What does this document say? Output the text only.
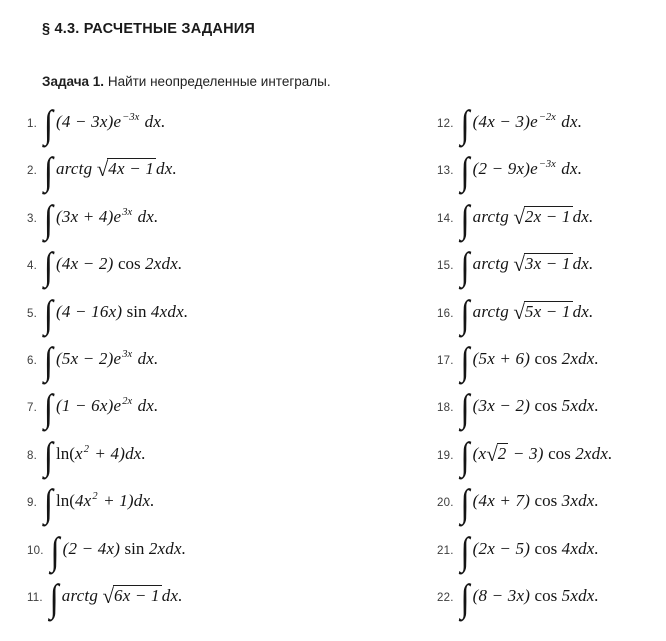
§ 4.3. РАСЧЕТНЫЕ ЗАДАНИЯ

Задача 1. Найти неопределенные интегралы.

1. ∫ $(4 - 3x)e^{-3x}$ dx.
2. ∫ arctg √4x − 1 dx.
3. ∫ $(3x + 4)e^{3x}$ dx.
4. ∫ (4x − 2) cos 2xdx.
5. ∫ (4 − 16x) sin 4xdx.
6. ∫ $(5x - 2)e^{3x}$ dx.
7. ∫ $(1 - 6x)e^{2x}$ dx.
8. ∫ $\ln(x^2 + 4)dx$.
9. ∫ $\ln(4x^2 + 1)dx$.
10. ∫ (2 − 4x) sin 2xdx.
11. ∫ arctg √6x − 1 dx.
12. ∫ $(4x - 3)e^{-2x}$ dx.
13. ∫ $(2 - 9x)e^{-3x}$ dx.
14. ∫ arctg √2x − 1 dx.
15. ∫ arctg √3x − 1 dx.
16. ∫ arctg √5x − 1 dx.
17. ∫ (5x + 6) cos 2xdx.
18. ∫ (3x − 2) cos 5xdx.
19. ∫ (x√2 − 3) cos 2xdx.
20. ∫ (4x + 7) cos 3xdx.
21. ∫ (2x − 5) cos 4xdx.
22. ∫ (8 − 3x) cos 5xdx.
